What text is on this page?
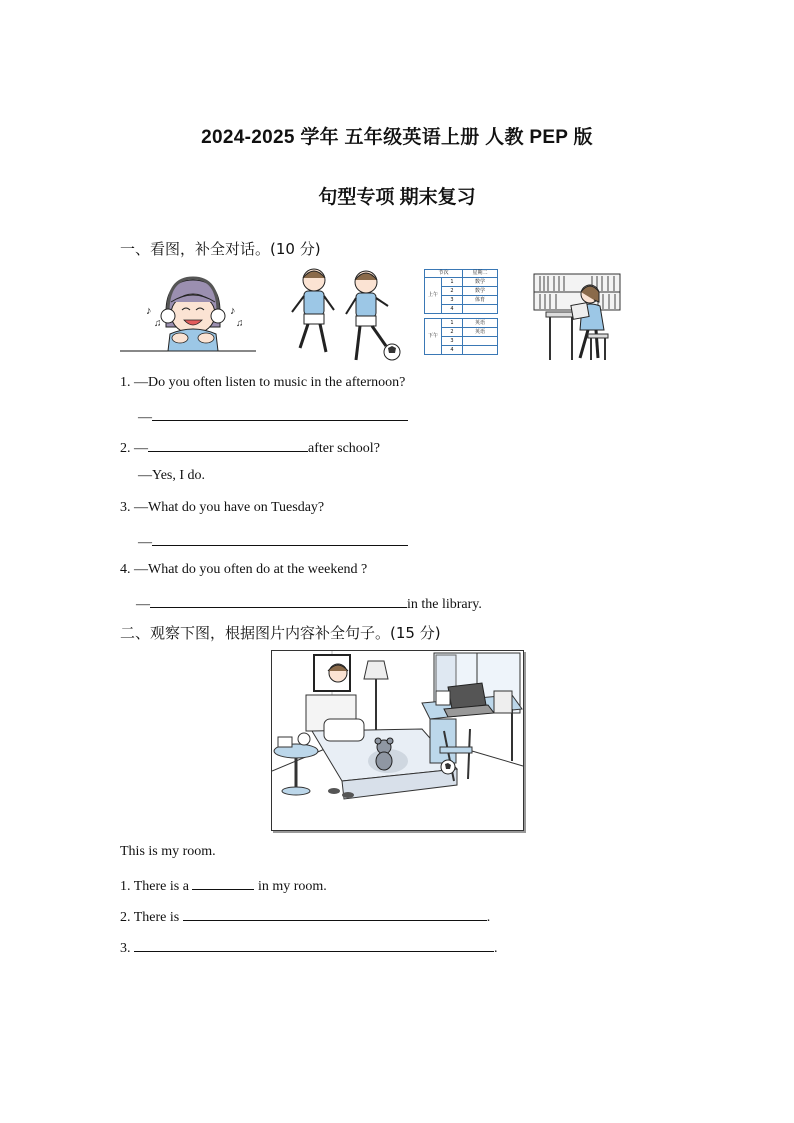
2024-2025 学年 五年级英语上册 人教 PEP 版
句型专项 期末复习
一、看图，补全对话。(10 分)
♪
♫
♪
♫
节次		星期二
上午	1	数学
	2	数学
	3	体育
	4	

下午	1	英语
	2	英语
	3	
	4	
1. —Do you often listen to music in the afternoon?
—
2. —	after school?
—Yes, I do.
3. —What do you have on Tuesday?
—
4. —What do you often do at the weekend ?
—	in the library.
二、观察下图，根据图片内容补全句子。(15 分)
This is my room.
1. There is a	in my room.
2. There is	.
3.	.
